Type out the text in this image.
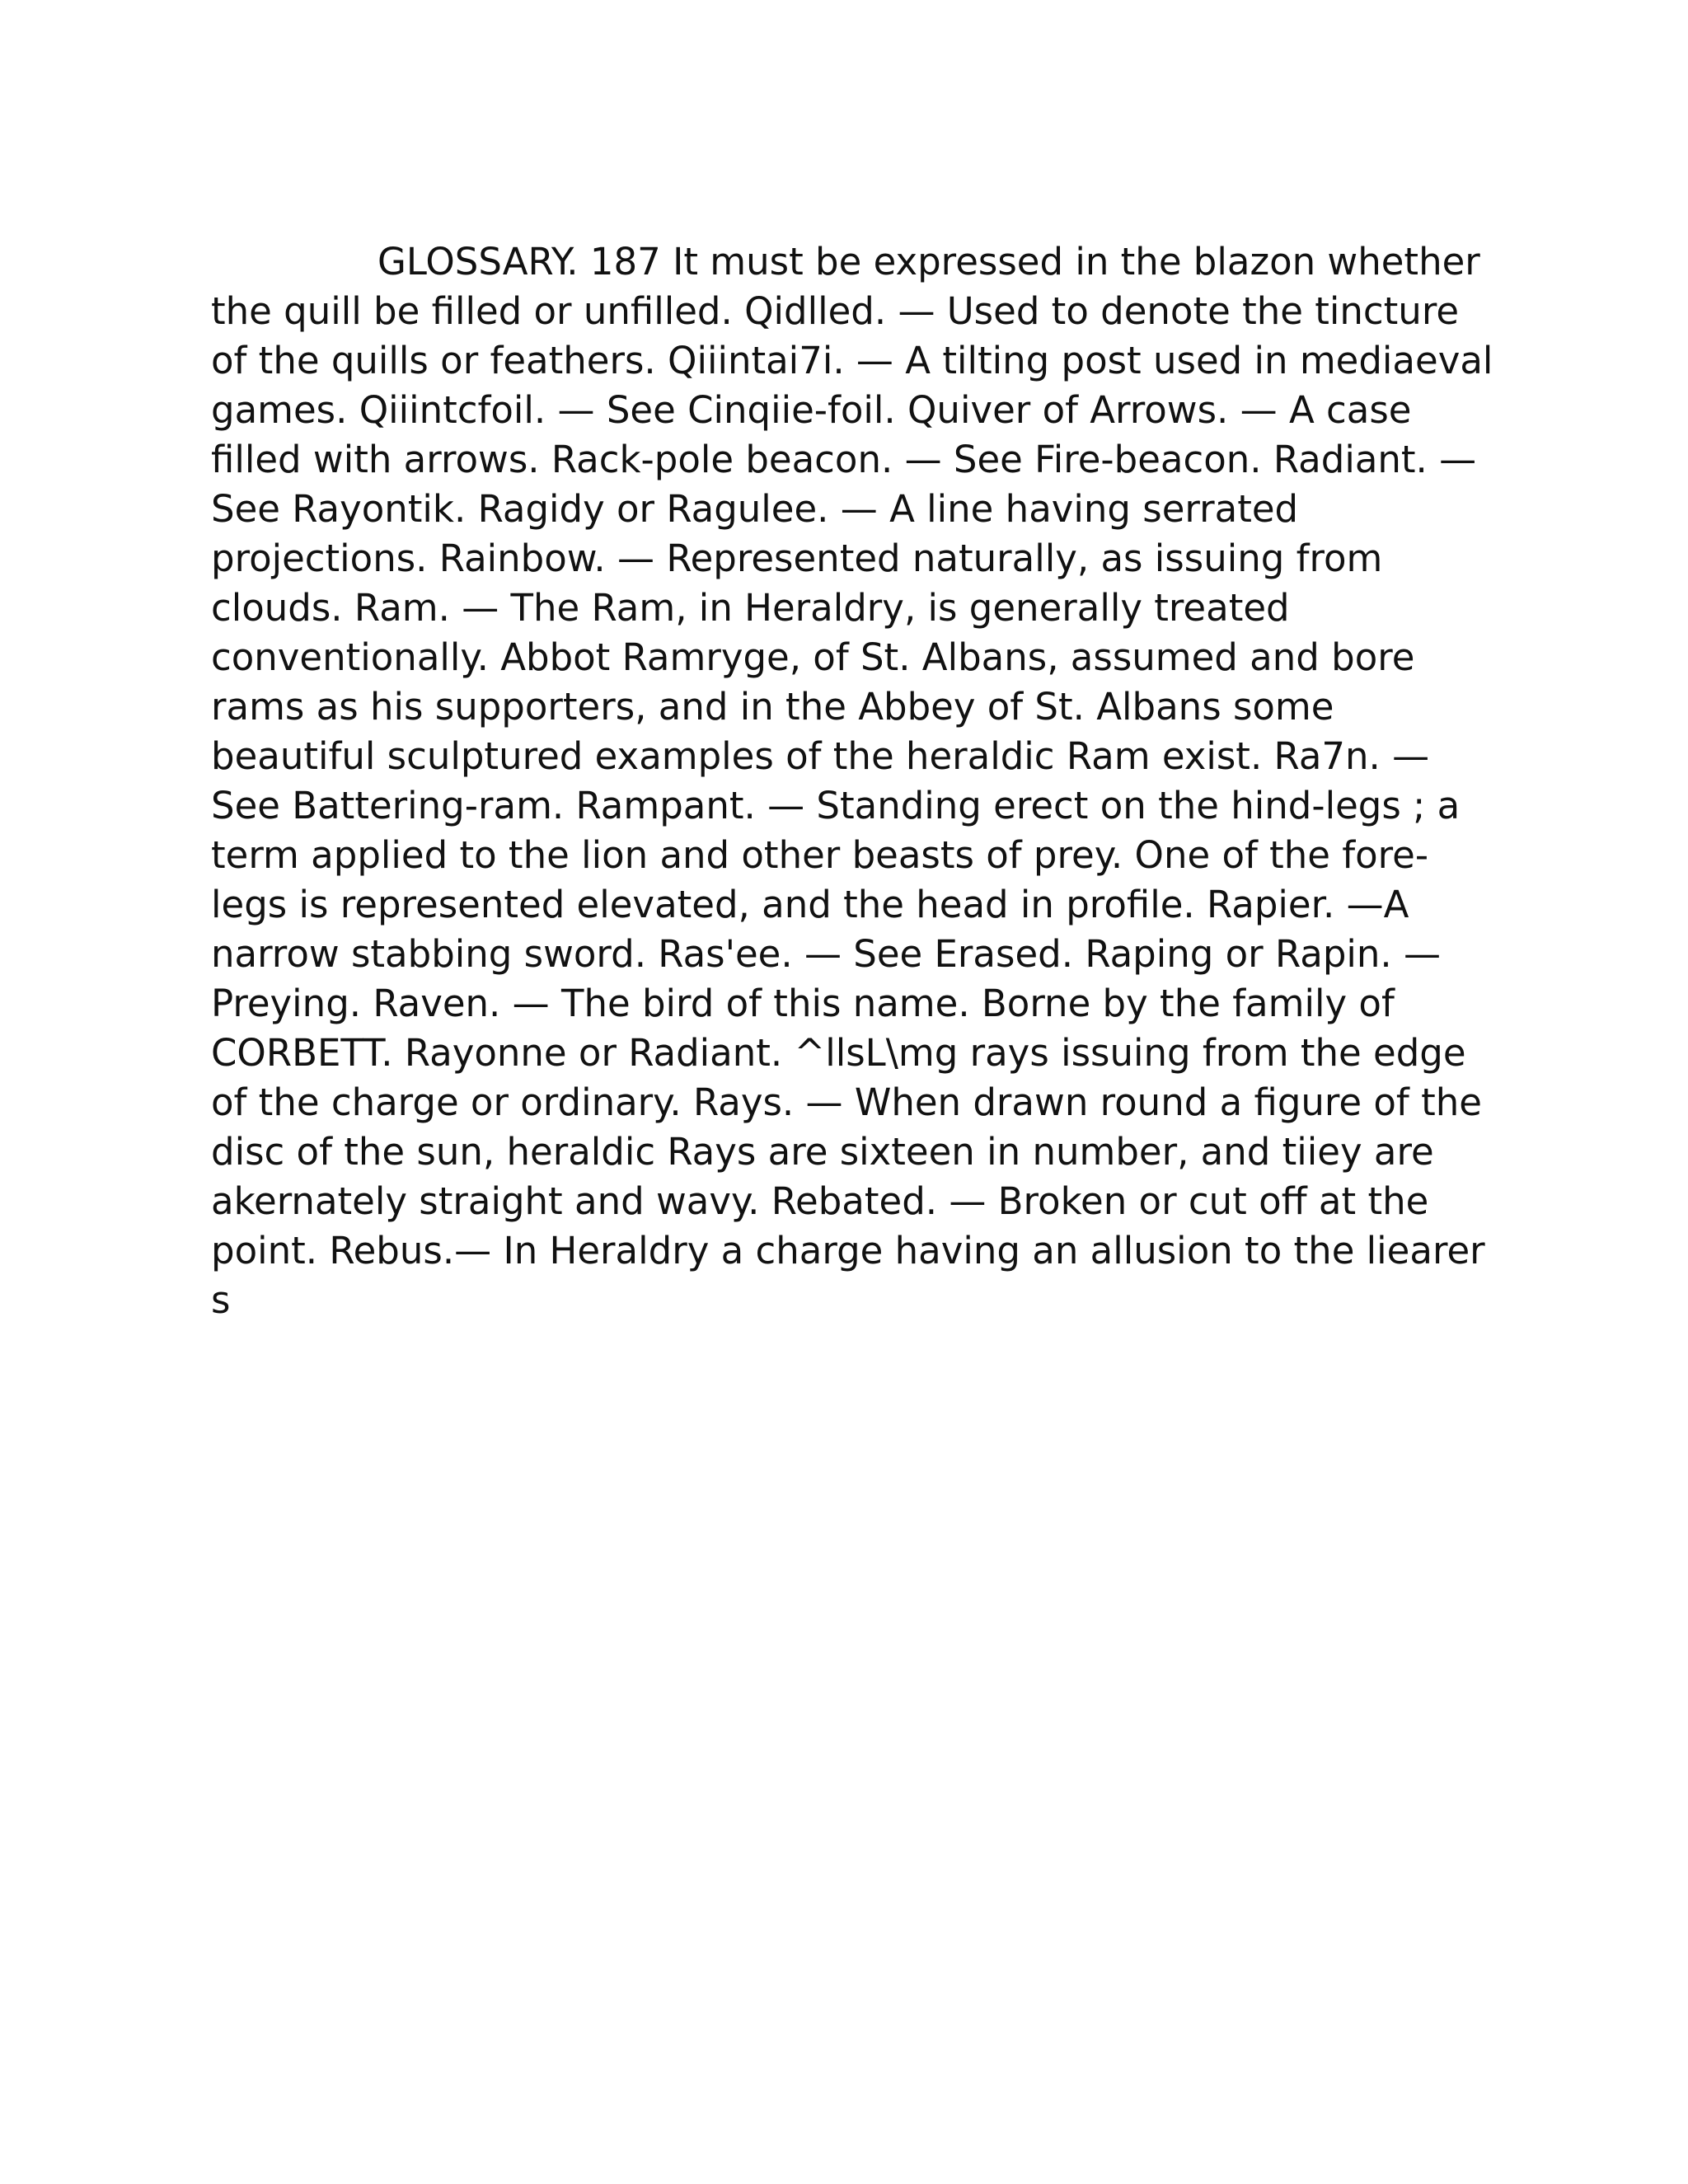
GLOSSARY. 187 It must be expressed in the blazon whether
the quill be filled or unfilled. Qidlled. — Used to denote the tincture
of the quills or feathers. Qiiintai7i. — A tilting post used in mediaeval
games. Qiiintcfoil. — See Cinqiie-foil. Quiver of Arrows. — A case
filled with arrows. Rack-pole beacon. — See Fire-beacon. Radiant. —
See Rayontik. Ragidy or Ragulee. — A line having serrated
projections. Rainbow. — Represented naturally, as issuing from
clouds. Ram. — The Ram, in Heraldry, is generally treated
conventionally. Abbot Ramryge, of St. Albans, assumed and bore
rams as his supporters, and in the Abbey of St. Albans some
beautiful sculptured examples of the heraldic Ram exist. Ra7n. —
See Battering-ram. Rampant. — Standing erect on the hind-legs ; a
term applied to the lion and other beasts of prey. One of the fore-
legs is represented elevated, and the head in profile. Rapier. —A
narrow stabbing sword. Ras'ee. — See Erased. Raping or Rapin. —
Preying. Raven. — The bird of this name. Borne by the family of
CORBETT. Rayonne or Radiant. ^llsL\mg rays issuing from the edge
of the charge or ordinary. Rays. — When drawn round a figure of the
disc of the sun, heraldic Rays are sixteen in number, and tiiey are
akernately straight and wavy. Rebated. — Broken or cut off at the
point. Rebus.— In Heraldry a charge having an allusion to the liearer
s
